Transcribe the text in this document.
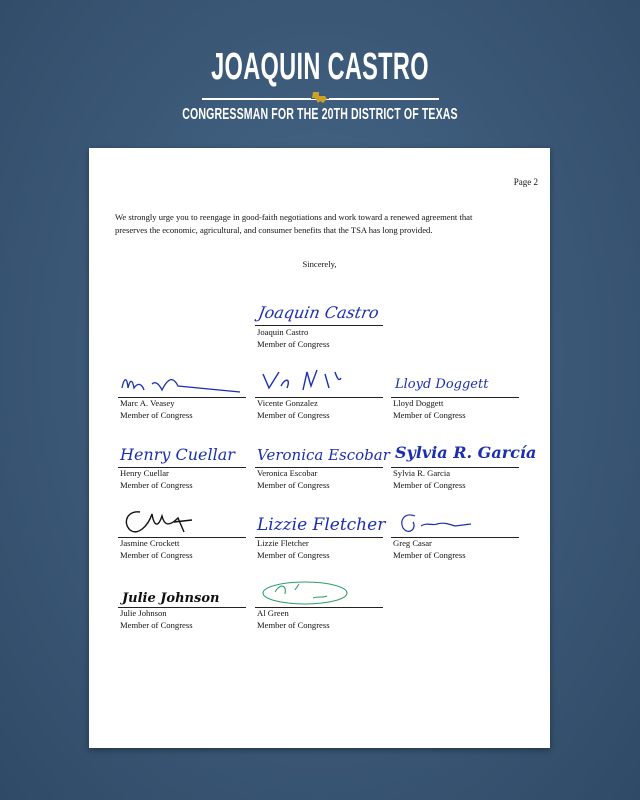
JOAQUIN CASTRO
CONGRESSMAN FOR THE 20TH DISTRICT OF TEXAS
Page 2
We strongly urge you to reengage in good-faith negotiations and work toward a renewed agreement that
preserves the economic, agricultural, and consumer benefits that the TSA has long provided.
Sincerely,
Joaquin Castro
Joaquin Castro
Member of Congress
Marc A. Veasey
Member of Congress
Vicente Gonzalez
Member of Congress
Lloyd Doggett
Lloyd Doggett
Member of Congress
Henry Cuellar
Henry Cuellar
Member of Congress
Veronica Escobar
Veronica Escobar
Member of Congress
Sylvia R. García
Sylvia R. Garcia
Member of Congress
Jasmine Crockett
Member of Congress
Lizzie Fletcher
Lizzie Fletcher
Member of Congress
Greg Casar
Member of Congress
Julie Johnson
Julie Johnson
Member of Congress
Al Green
Member of Congress
